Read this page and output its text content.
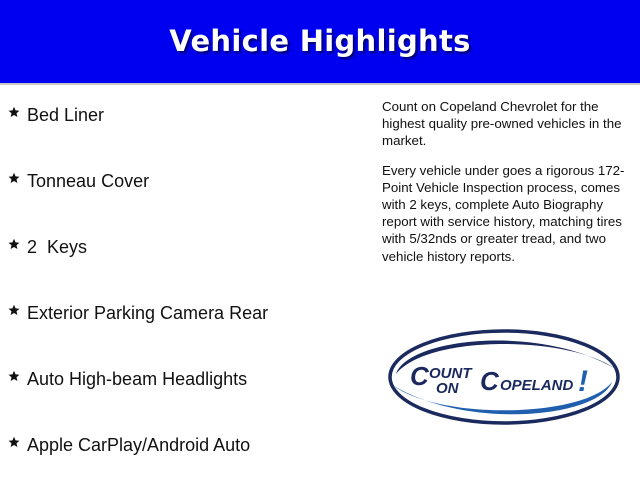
Vehicle Highlights
Bed Liner
Tonneau Cover
2  Keys
Exterior Parking Camera Rear
Auto High-beam Headlights
Apple CarPlay/Android Auto

Count on Copeland Chevrolet for the highest quality pre-owned vehicles in the market.

Every vehicle under goes a rigorous 172-Point Vehicle Inspection process, comes with 2 keys, complete Auto Biography report with service history, matching tires with 5/32nds or greater tread, and two vehicle history reports.

C OUNT
ON C OPELAND !
